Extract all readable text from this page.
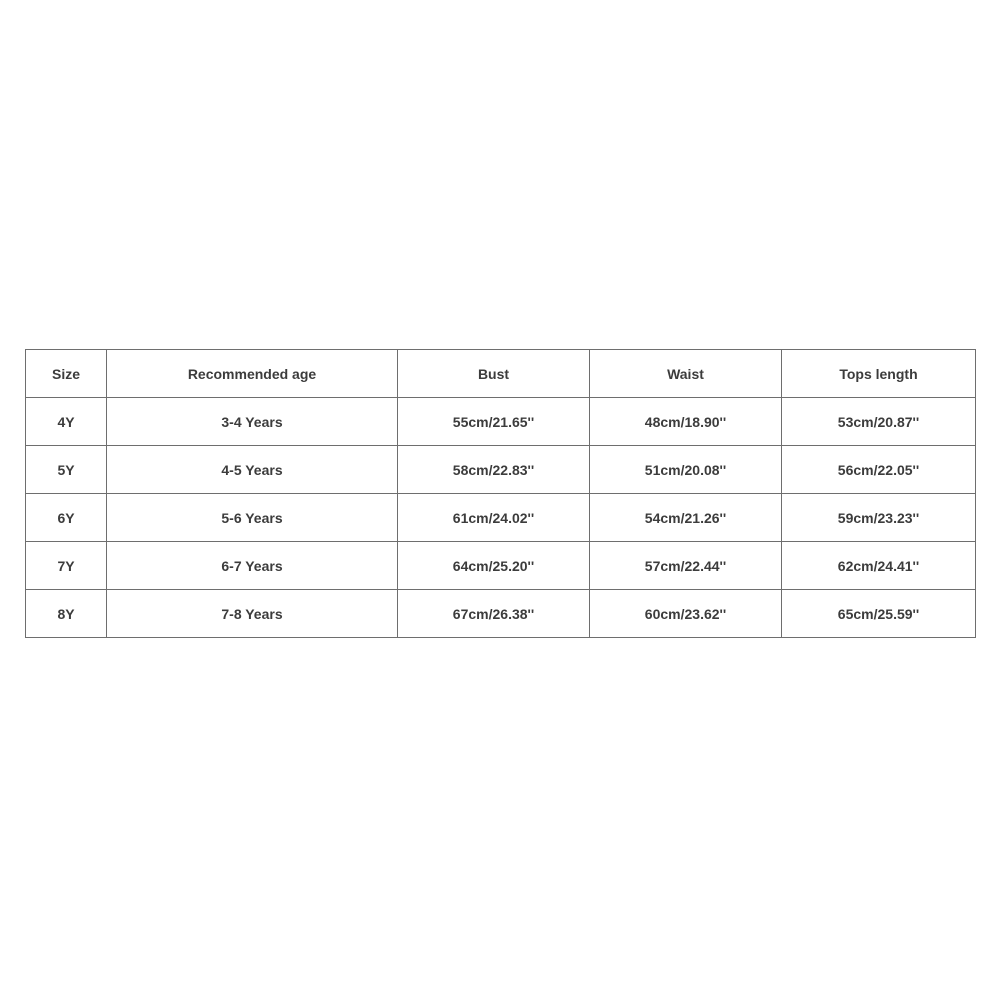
Size	Recommended age	Bust	Waist	Tops length
4Y	3-4 Years	55cm/21.65''	48cm/18.90''	53cm/20.87''
5Y	4-5 Years	58cm/22.83''	51cm/20.08''	56cm/22.05''
6Y	5-6 Years	61cm/24.02''	54cm/21.26''	59cm/23.23''
7Y	6-7 Years	64cm/25.20''	57cm/22.44''	62cm/24.41''
8Y	7-8 Years	67cm/26.38''	60cm/23.62''	65cm/25.59''
